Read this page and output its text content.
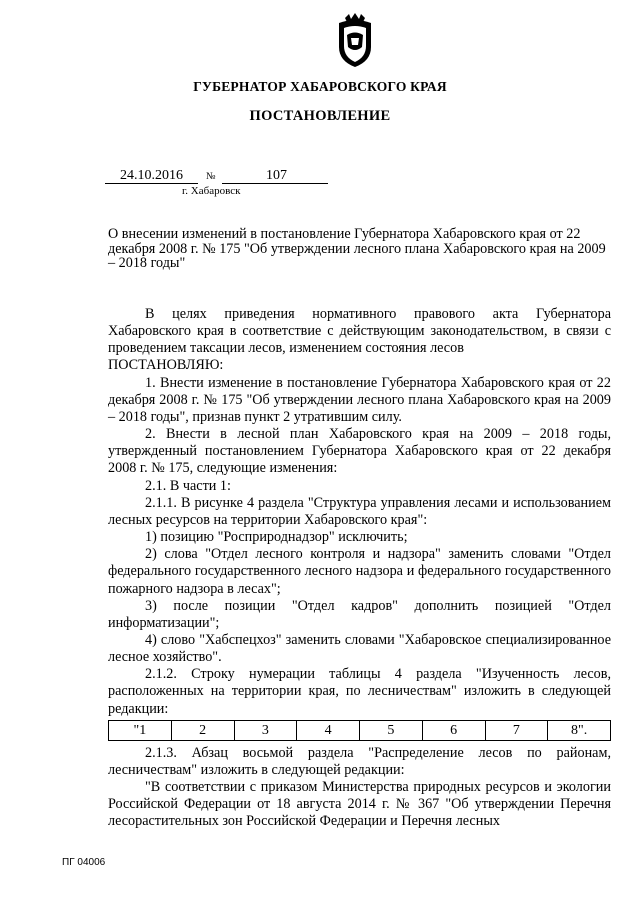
ГУБЕРНАТОР ХАБАРОВСКОГО КРАЯ
ПОСТАНОВЛЕНИЕ
24.10.2016	№	107
г. Хабаровск
О внесении изменений в постановление Губернатора Хабаровского края от 22 декабря 2008 г. № 175 "Об утверждении лесного плана Хабаровского края на 2009 – 2018 годы"

В целях приведения нормативного правового акта Губернатора Хабаровского края в соответствие с действующим законодательством, в связи с проведением таксации лесов, изменением состояния лесов

ПОСТАНОВЛЯЮ:

1. Внести изменение в постановление Губернатора Хабаровского края от 22 декабря 2008 г. № 175 "Об утверждении лесного плана Хабаровского края на 2009 – 2018 годы", признав пункт 2 утратившим силу.

2. Внести в лесной план Хабаровского края на 2009 – 2018 годы, утвержденный постановлением Губернатора Хабаровского края от 22 декабря 2008 г. № 175, следующие изменения:

2.1. В части 1:

2.1.1. В рисунке 4 раздела "Структура управления лесами и использованием лесных ресурсов на территории Хабаровского края":

1) позицию "Росприроднадзор" исключить;

2) слова "Отдел лесного контроля и надзора" заменить словами "Отдел федерального государственного лесного надзора и федерального государственного пожарного надзора в лесах";

3) после позиции "Отдел кадров" дополнить позицией "Отдел информатизации";

4) слово "Хабспецхоз" заменить словами "Хабаровское специализированное лесное хозяйство".

2.1.2. Строку нумерации таблицы 4 раздела "Изученность лесов, расположенных на территории края, по лесничествам" изложить в следующей редакции:

"1	2	3	4	5	6	7	8".

2.1.3. Абзац восьмой раздела "Распределение лесов по районам, лесничествам" изложить в следующей редакции:

"В соответствии с приказом Министерства природных ресурсов и экологии Российской Федерации от 18 августа 2014 г. № 367 "Об утверждении Перечня лесорастительных зон Российской Федерации и Перечня лесных

ПГ 04006
